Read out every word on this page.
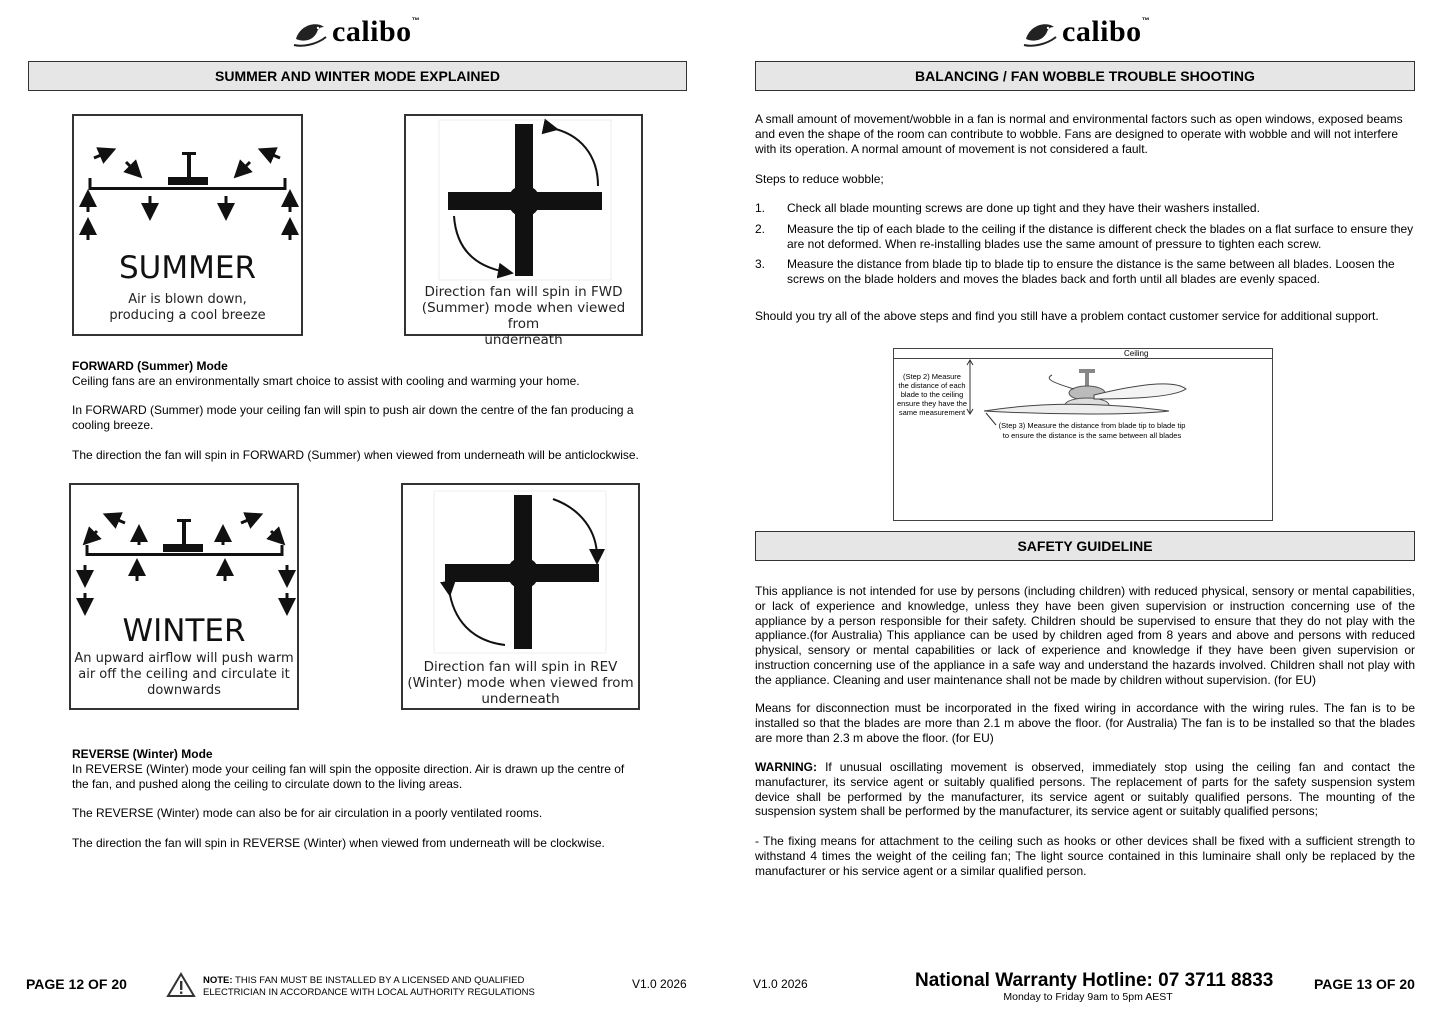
calibo ™
SUMMER AND WINTER MODE EXPLAINED
SUMMER
Air is blown down,
producing a cool breeze
Direction fan will spin in FWD
(Summer) mode when viewed from
underneath
FORWARD (Summer) Mode
Ceiling fans are an environmentally smart choice to assist with cooling and warming your home.
In FORWARD (Summer) mode your ceiling fan will spin to push air down the centre of the fan producing a cooling breeze.
The direction the fan will spin in FORWARD (Summer) when viewed from underneath will be anticlockwise.
WINTER
An upward airflow will push warm
air off the ceiling and circulate it
downwards
Direction fan will spin in REV
(Winter) mode when viewed from
underneath
REVERSE (Winter) Mode
In REVERSE (Winter) mode your ceiling fan will spin the opposite direction. Air is drawn up the centre of the fan, and pushed along the ceiling to circulate down to the living areas.
The REVERSE (Winter) mode can also be for air circulation in a poorly ventilated rooms.
The direction the fan will spin in REVERSE (Winter) when viewed from underneath will be clockwise.
PAGE 12 OF 20	NOTE: THIS FAN MUST BE INSTALLED BY A LICENSED AND QUALIFIED
ELECTRICIAN IN ACCORDANCE WITH LOCAL AUTHORITY REGULATIONS
V1.0 2026
calibo ™
BALANCING / FAN WOBBLE TROUBLE SHOOTING
A small amount of movement/wobble in a fan is normal and environmental factors such as open windows, exposed beams and even the shape of the room can contribute to wobble. Fans are designed to operate with wobble and will not interfere with its operation. A normal amount of movement is not considered a fault.
Steps to reduce wobble;
1. Check all blade mounting screws are done up tight and they have their washers installed.
2. Measure the tip of each blade to the ceiling if the distance is different check the blades on a flat surface to ensure they are not deformed. When re-installing blades use the same amount of pressure to tighten each screw.
3. Measure the distance from blade tip to blade tip to ensure the distance is the same between all blades. Loosen the screws on the blade holders and moves the blades back and forth until all blades are evenly spaced.
Should you try all of the above steps and find you still have a problem contact customer service for additional support.
Ceiling
(Step 2) Measure
the distance of each
blade to the ceiling
ensure they have the
same measurement
(Step 3) Measure the distance from blade tip to blade tip
to ensure the distance is the same between all blades
SAFETY GUIDELINE
This appliance is not intended for use by persons (including children) with reduced physical, sensory or mental capabilities, or lack of experience and knowledge, unless they have been given supervision or instruction concerning use of the appliance by a person responsible for their safety. Children should be supervised to ensure that they do not play with the appliance.(for Australia) This appliance can be used by children aged from 8 years and above and persons with reduced physical, sensory or mental capabilities or lack of experience and knowledge if they have been given supervision or instruction concerning use of the appliance in a safe way and understand the hazards involved. Children shall not play with the appliance. Cleaning and user maintenance shall not be made by children without supervision. (for EU)
Means for disconnection must be incorporated in the fixed wiring in accordance with the wiring rules. The fan is to be installed so that the blades are more than 2.1 m above the floor. (for Australia) The fan is to be installed so that the blades are more than 2.3 m above the floor. (for EU)
WARNING: If unusual oscillating movement is observed, immediately stop using the ceiling fan and contact the manufacturer, its service agent or suitably qualified persons. The replacement of parts for the safety suspension system device shall be performed by the manufacturer, its service agent or suitably qualified persons. The mounting of the suspension system shall be performed by the manufacturer, its service agent or suitably qualified persons;
- The fixing means for attachment to the ceiling such as hooks or other devices shall be fixed with a sufficient strength to withstand 4 times the weight of the ceiling fan; The light source contained in this luminaire shall only be replaced by the manufacturer or his service agent or a similar qualified person.
V1.0 2026	National Warranty Hotline: 07 3711 8833
Monday to Friday 9am to 5pm AEST
PAGE 13 OF 20
